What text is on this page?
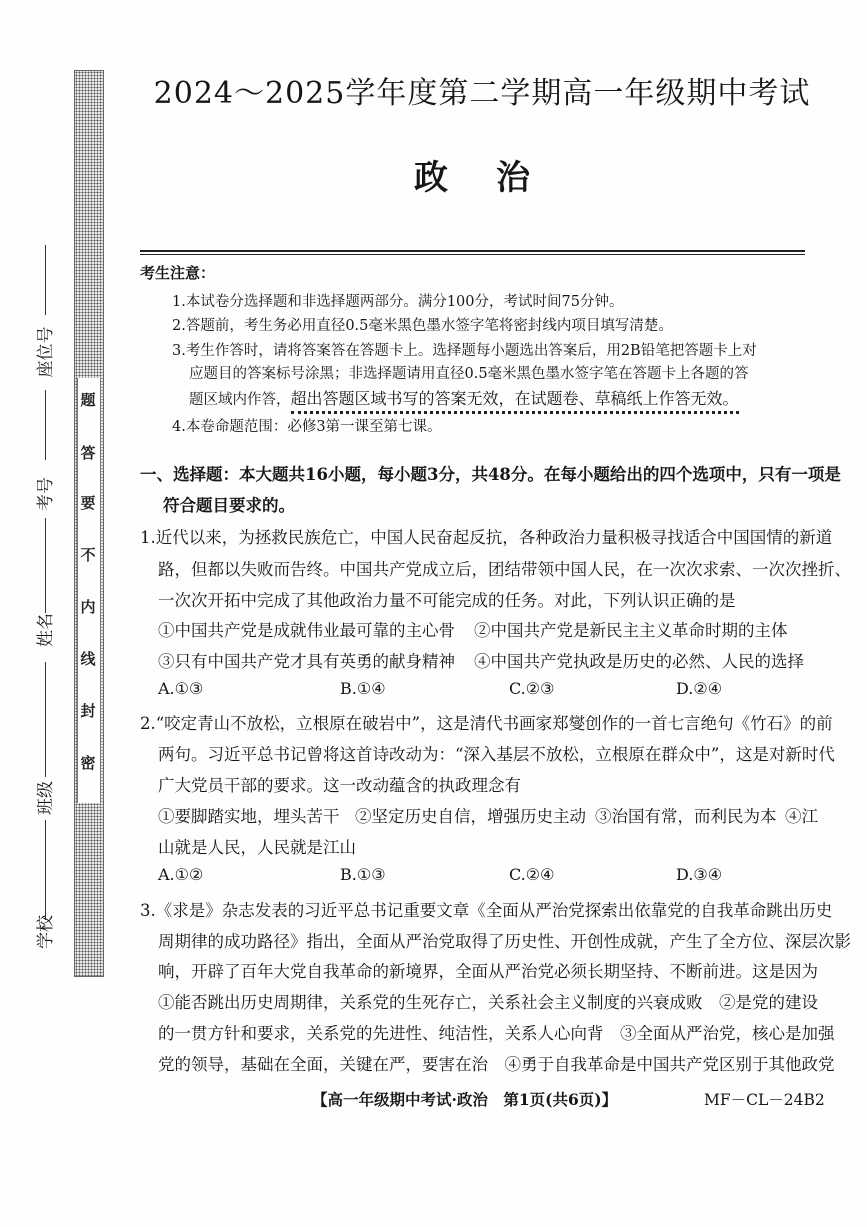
题
答
要
不
内
线
封
密
座位号
考号
姓名
班级
学校
2024～2025学年度第二学期高一年级期中考试
政治
考生注意：
1.本试卷分选择题和非选择题两部分。满分100分，考试时间75分钟。
2.答题前，考生务必用直径0.5毫米黑色墨水签字笔将密封线内项目填写清楚。
3.考生作答时，请将答案答在答题卡上。选择题每小题选出答案后，用2B铅笔把答题卡上对
应题目的答案标号涂黑；非选择题请用直径0.5毫米黑色墨水签字笔在答题卡上各题的答
题区域内作答，超出答题区域书写的答案无效，在试题卷、草稿纸上作答无效。
4.本卷命题范围：必修3第一课至第七课。
一、选择题：本大题共16小题，每小题3分，共48分。在每小题给出的四个选项中，只有一项是
符合题目要求的。
1.近代以来，为拯救民族危亡，中国人民奋起反抗，各种政治力量积极寻找适合中国国情的新道
路，但都以失败而告终。中国共产党成立后，团结带领中国人民，在一次次求索、一次次挫折、
一次次开拓中完成了其他政治力量不可能完成的任务。对此，下列认识正确的是
①中国共产党是成就伟业最可靠的主心骨 ②中国共产党是新民主主义革命时期的主体
③只有中国共产党才具有英勇的献身精神 ④中国共产党执政是历史的必然、人民的选择
A.①③	B.①④	C.②③	D.②④
2.“咬定青山不放松，立根原在破岩中”，这是清代书画家郑燮创作的一首七言绝句《竹石》的前
两句。习近平总书记曾将这首诗改动为：“深入基层不放松，立根原在群众中”，这是对新时代
广大党员干部的要求。这一改动蕴含的执政理念有
①要脚踏实地，埋头苦干 ②坚定历史自信，增强历史主动 ③治国有常，而利民为本 ④江
山就是人民，人民就是江山
A.①②	B.①③	C.②④	D.③④
3.《求是》杂志发表的习近平总书记重要文章《全面从严治党探索出依靠党的自我革命跳出历史
周期律的成功路径》指出，全面从严治党取得了历史性、开创性成就，产生了全方位、深层次影
响，开辟了百年大党自我革命的新境界，全面从严治党必须长期坚持、不断前进。这是因为
①能否跳出历史周期律，关系党的生死存亡，关系社会主义制度的兴衰成败　②是党的建设
的一贯方针和要求，关系党的先进性、纯洁性，关系人心向背　③全面从严治党，核心是加强
党的领导，基础在全面，关键在严，要害在治　④勇于自我革命是中国共产党区别于其他政党
【高一年级期中考试·政治　第1页(共6页)】	MF－CL－24B2
